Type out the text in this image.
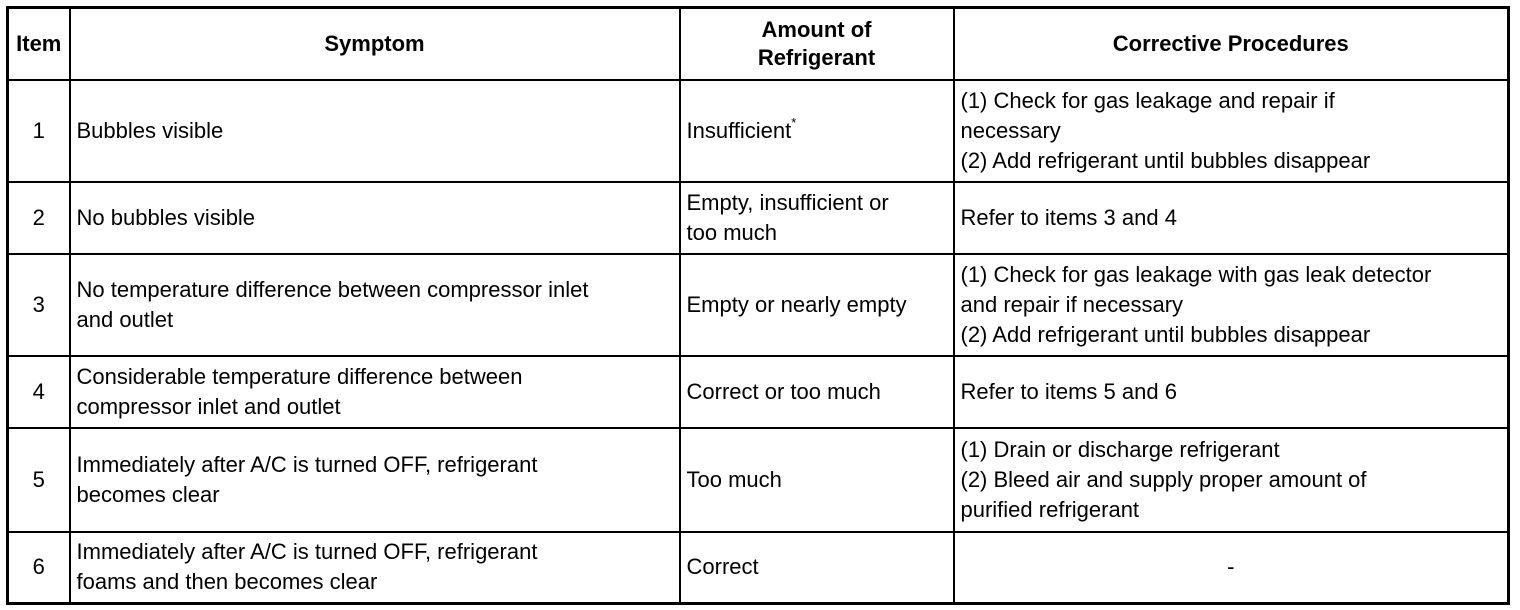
Item	Symptom	Amount of
Refrigerant	Corrective Procedures
1	Bubbles visible	Insufficient*	(1) Check for gas leakage and repair if
necessary
(2) Add refrigerant until bubbles disappear

2	No bubbles visible	Empty, insufficient or
too much	Refer to items 3 and 4

3	No temperature difference between compressor inlet
and outlet	Empty or nearly empty	(1) Check for gas leakage with gas leak detector
and repair if necessary
(2) Add refrigerant until bubbles disappear

4	Considerable temperature difference between
compressor inlet and outlet	Correct or too much	Refer to items 5 and 6

5	Immediately after A/C is turned OFF, refrigerant
becomes clear	Too much	(1) Drain or discharge refrigerant
(2) Bleed air and supply proper amount of
purified refrigerant

6	Immediately after A/C is turned OFF, refrigerant
foams and then becomes clear	Correct	-
